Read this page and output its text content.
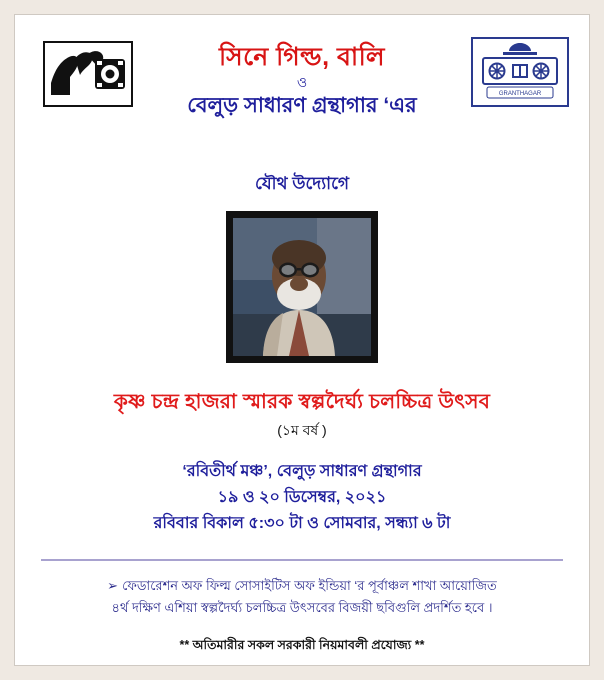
GRANTHAGAR
সিনে গিল্ড, বালি
ও
বেলুড় সাধারণ গ্রন্থাগার ‘এর
যৌথ উদ্যোগে
কৃষ্ণ চন্দ্র হাজরা স্মারক স্বল্পদৈর্ঘ্য চলচ্চিত্র উৎসব
(১ম বর্ষ )
‘রবিতীর্থ মঞ্চ’, বেলুড় সাধারণ গ্রন্থাগার
১৯ ও ২০ ডিসেম্বর, ২০২১
রবিবার বিকাল ৫:৩০ টা ও সোমবার, সন্ধ্যা ৬ টা
➢ ফেডারেশন অফ ফিল্ম সোসাইটিস অফ ইন্ডিয়া ‘র পূর্বাঞ্চল শাখা আয়োজিত
৪র্থ দক্ষিণ এশিয়া স্বল্পদৈর্ঘ্য চলচ্চিত্র উৎসবের বিজয়ী ছবিগুলি প্রদর্শিত হবে ।
** অতিমারীর সকল সরকারী নিয়মাবলী প্রযোজ্য **
